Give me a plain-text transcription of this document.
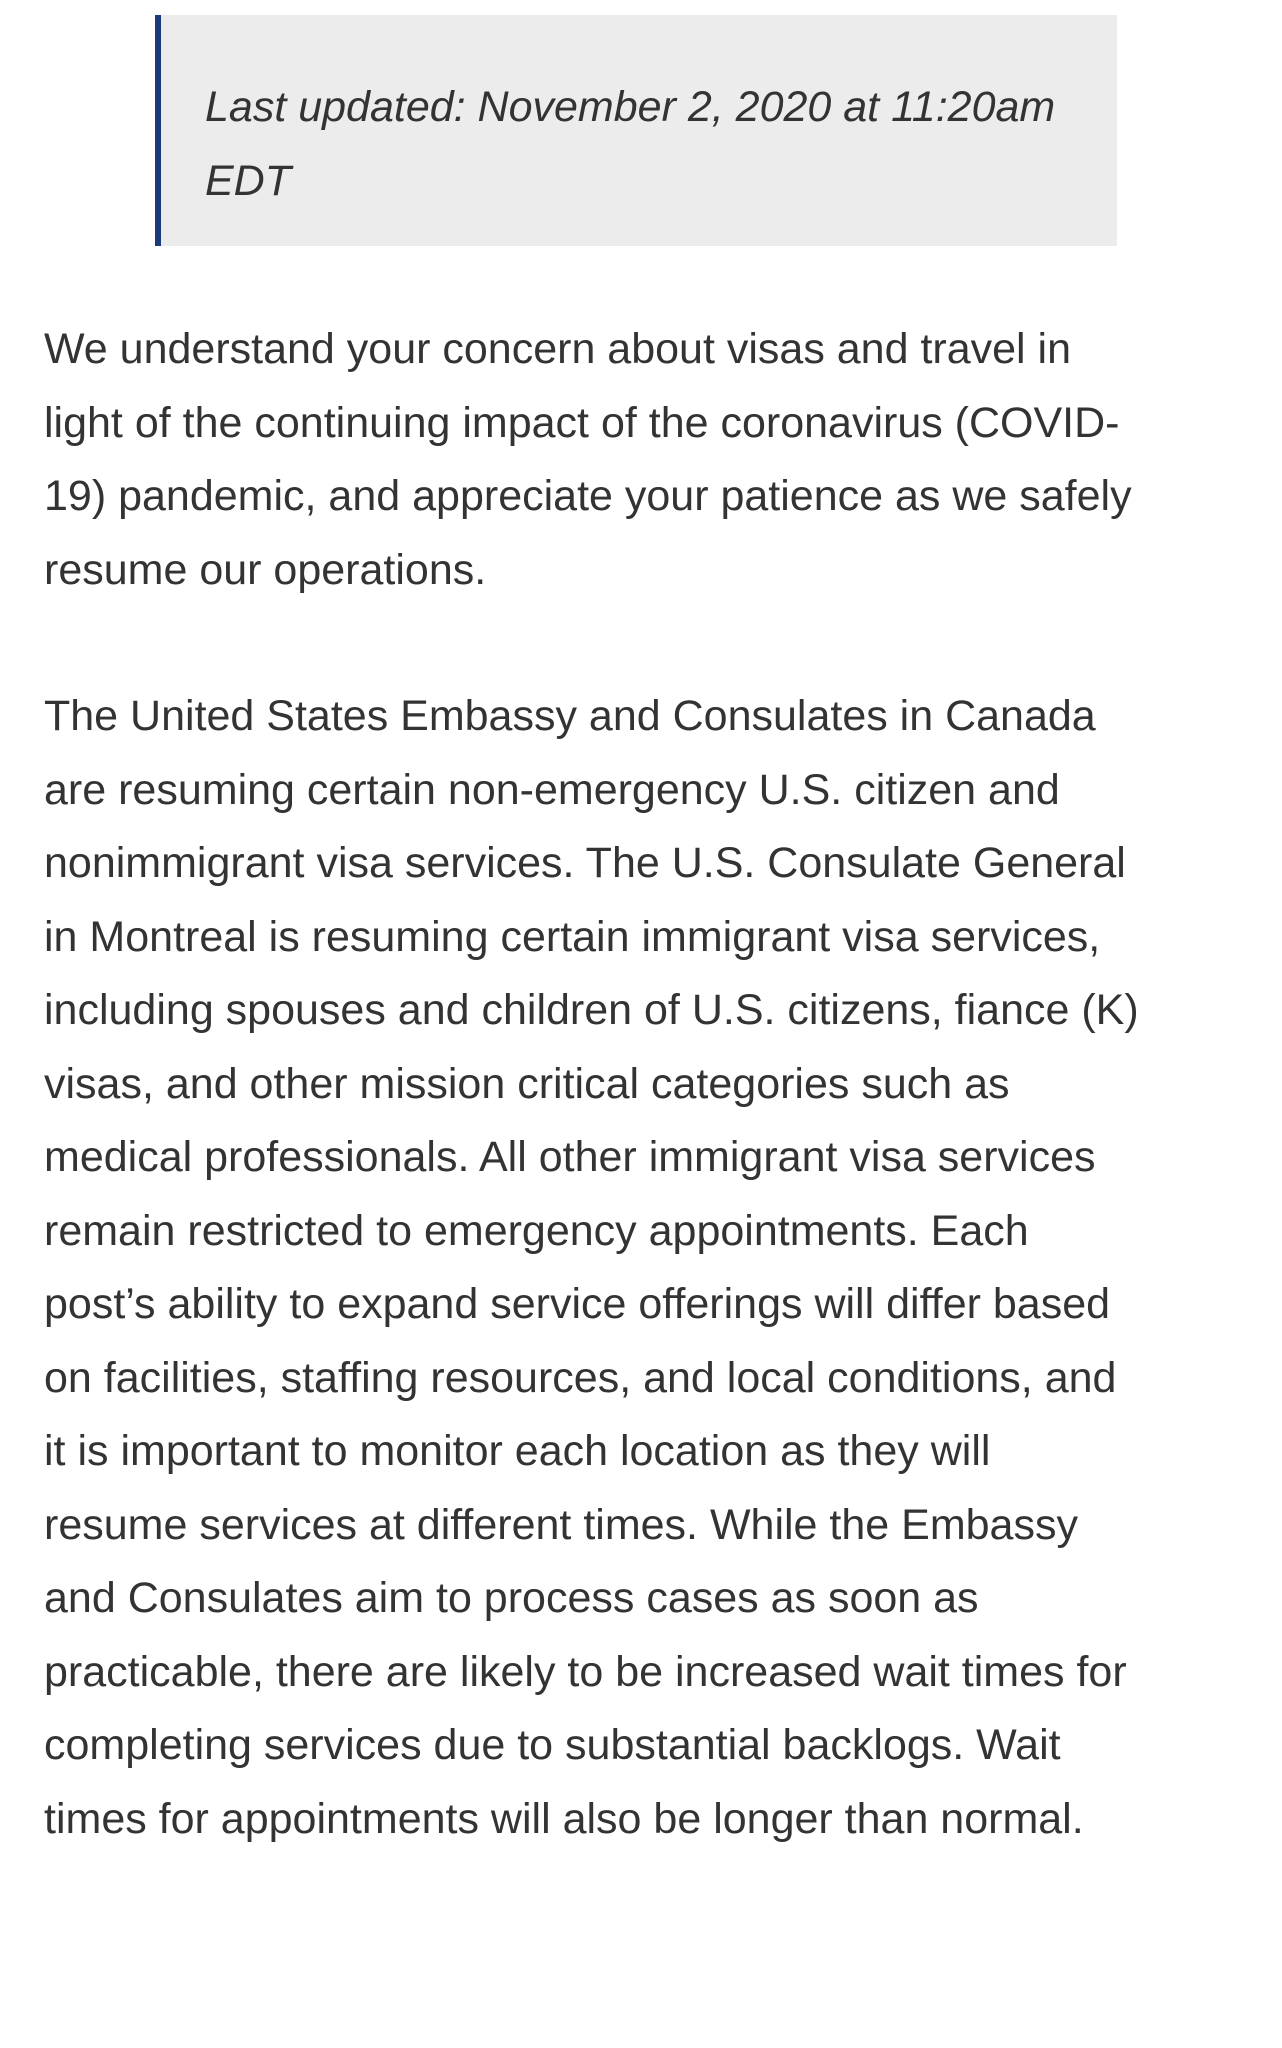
Last updated: November 2, 2020 at 11:20am EDT

We understand your concern about visas and travel in light of the continuing impact of the coronavirus (COVID-19) pandemic, and appreciate your patience as we safely resume our operations.

The United States Embassy and Consulates in Canada are resuming certain non-emergency U.S. citizen and nonimmigrant visa services. The U.S. Consulate General in Montreal is resuming certain immigrant visa services, including spouses and children of U.S. citizens, fiance (K) visas, and other mission critical categories such as medical professionals. All other immigrant visa services remain restricted to emergency appointments. Each post’s ability to expand service offerings will differ based on facilities, staffing resources, and local conditions, and it is important to monitor each location as they will resume services at different times. While the Embassy and Consulates aim to process cases as soon as practicable, there are likely to be increased wait times for completing services due to substantial backlogs. Wait times for appointments will also be longer than normal.
